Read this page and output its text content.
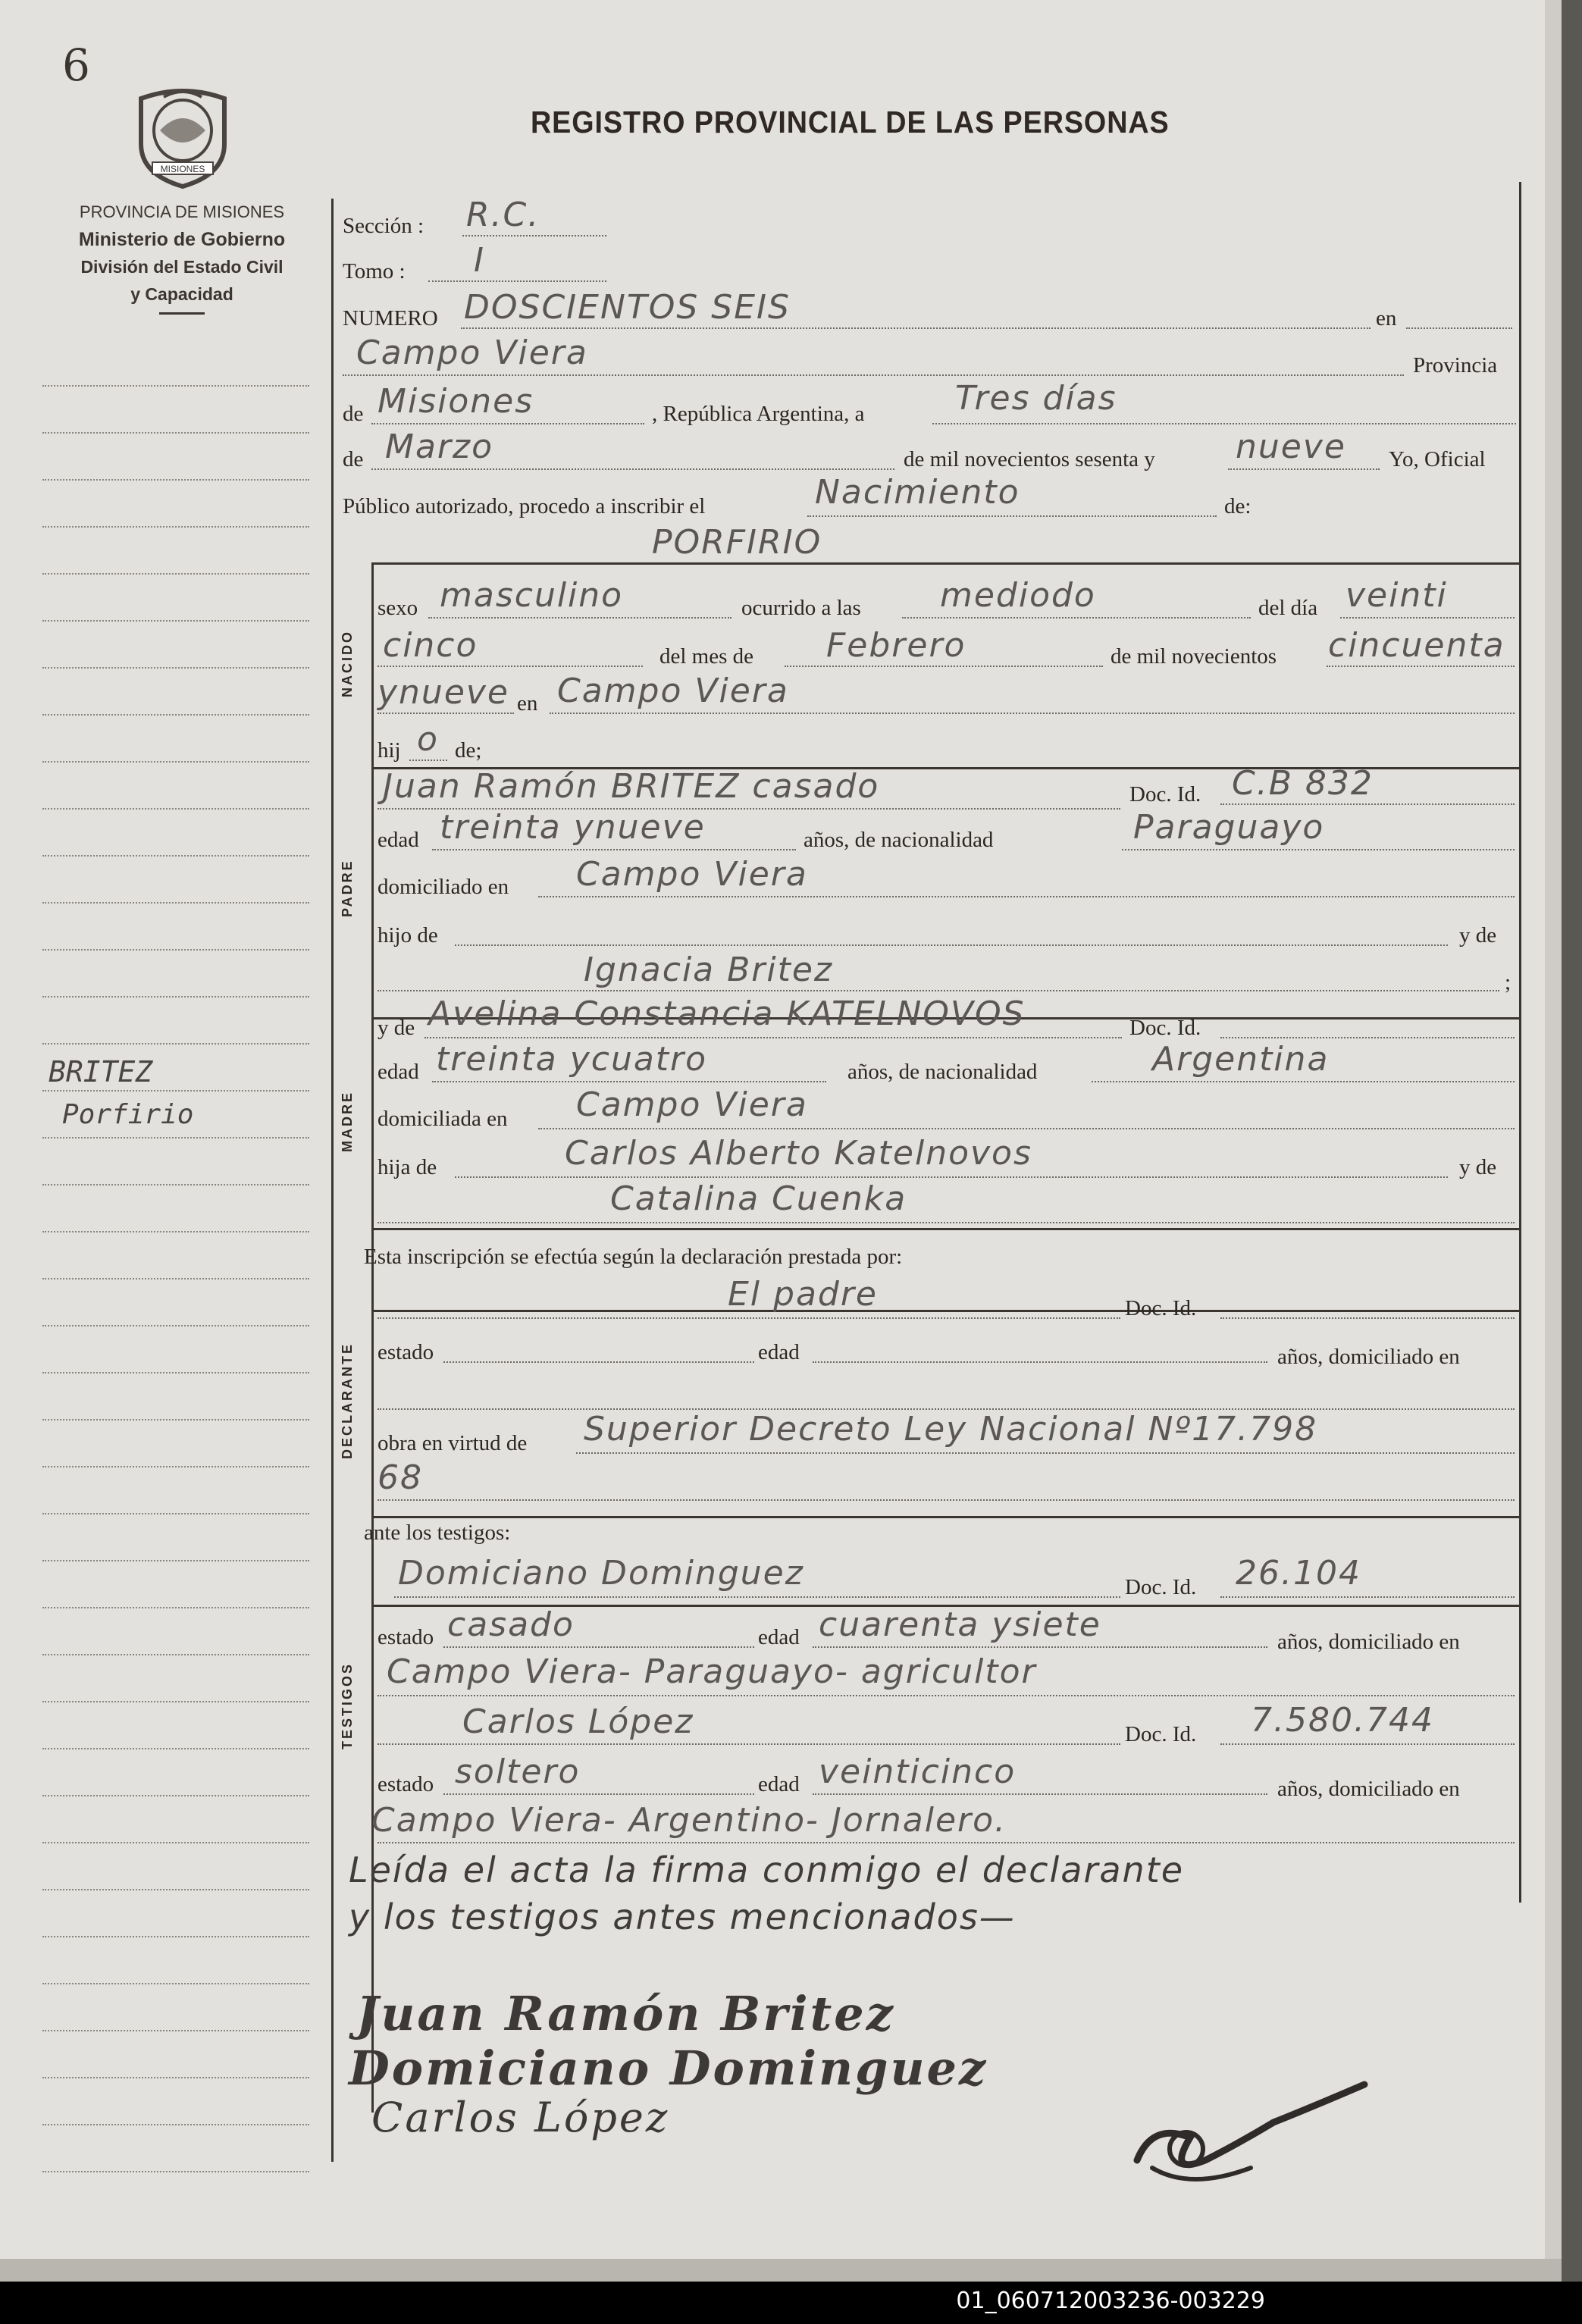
6
MISIONES
PROVINCIA DE MISIONES
Ministerio de Gobierno
División del Estado Civil
y Capacidad
REGISTRO PROVINCIAL DE LAS PERSONAS
BRITEZ
Porfirio
Sección : R.C.
Tomo : I
NUMERO DOSCIENTOS SEIS	en
Campo Viera	Provincia
de Misiones	, República Argentina, a	Tres días
de Marzo	de mil novecientos sesenta y nueve Yo, Oficial
Público autorizado, procedo a inscribir el	Nacimiento	de:
PORFIRIO
NACIDO
sexo masculino	ocurrido a las mediodo	del día veinti
cinco	del mes de Febrero	de mil novecientos cincuenta
ynueve en Campo Viera
hij o de;
PADRE
Juan Ramón BRITEZ casado	Doc. Id. C.B 832
edad treinta ynueve	años, de nacionalidad	Paraguayo
domiciliado en Campo Viera
hijo de	y de
Ignacia Britez	;
MADRE
y de Avelina Constancia KATELNOVOS	Doc. Id.
edad treinta ycuatro	años, de nacionalidad	Argentina
domiciliada en Campo Viera
hija de	Carlos Alberto Katelnovos	y de
Catalina Cuenka
Esta inscripción se efectúa según la declaración prestada por:
DECLARANTE
El padre	Doc. Id.
estado	edad	años, domiciliado en
obra en virtud de Superior Decreto Ley Nacional Nº17.798
68
ante los testigos:
TESTIGOS
Domiciano Dominguez	Doc. Id. 26.104
estado casado	edad cuarenta ysiete	años, domiciliado en
Campo Viera- Paraguayo- agricultor
Carlos López	Doc. Id. 7.580.744
estado soltero	edad veinticinco	años, domiciliado en
Campo Viera- Argentino- Jornalero.
Leída el acta la firma conmigo el declarante
y los testigos antes mencionados—
Juan Ramón Britez
Domiciano Dominguez
Carlos López
01_060712003236-003229
